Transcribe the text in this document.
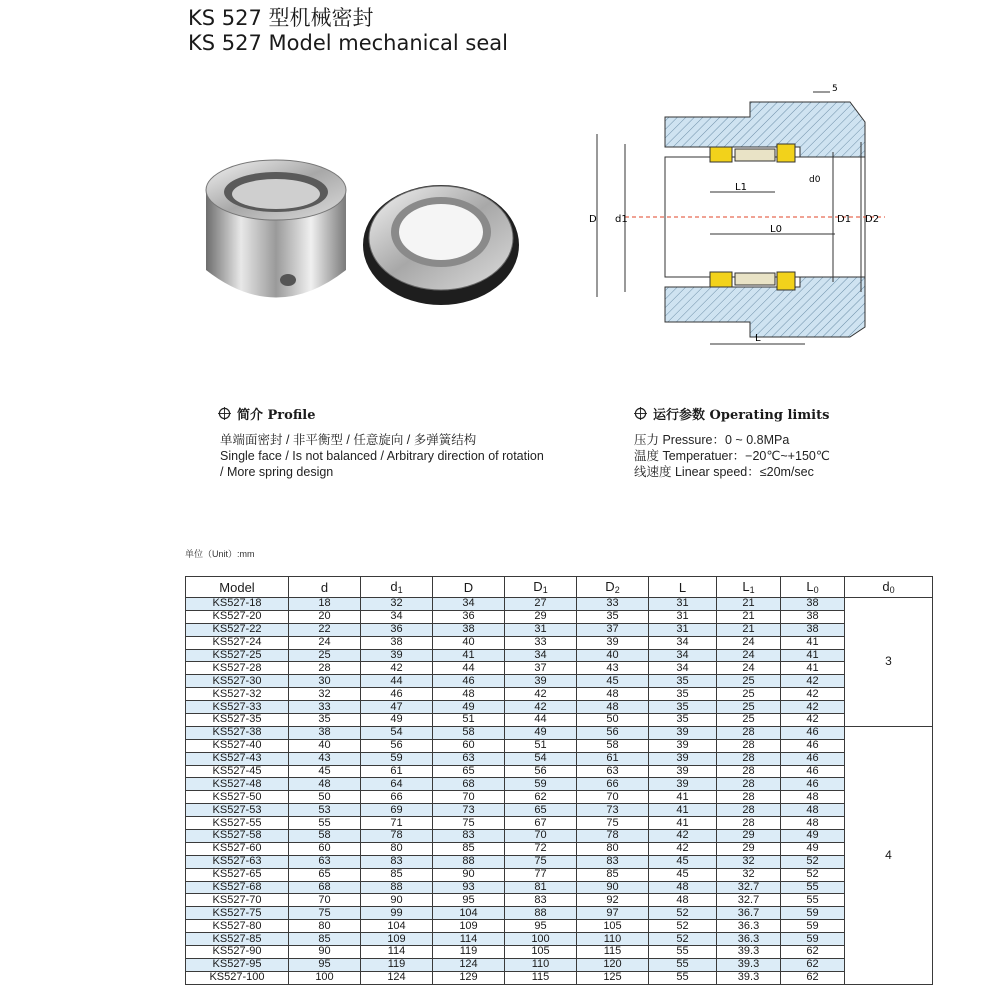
KS 527 型机械密封
KS 527 Model mechanical seal
D d1	D1 D2
L1
L0
L
d0
5
简介 Profile
单端面密封 / 非平衡型 / 任意旋向 / 多弹簧结构
Single face / Is not balanced / Arbitrary direction of rotation
/ More spring design
运行参数 Operating limits
压力 Pressure：0 ~ 0.8MPa
温度 Temperatuer：−20℃~+150℃
线速度 Linear speed：≤20m/sec
单位（Unit）:mm
Model	d	$d_1$	D	$D_1$	$D_2$	L	$L_1$	$L_0$	$d_0$
KS527-18	18	32	34	27	33	31	21	38	3
KS527-20	20	34	36	29	35	31	21	38	
KS527-22	22	36	38	31	37	31	21	38	
KS527-24	24	38	40	33	39	34	24	41	
KS527-25	25	39	41	34	40	34	24	41	
KS527-28	28	42	44	37	43	34	24	41	
KS527-30	30	44	46	39	45	35	25	42	
KS527-32	32	46	48	42	48	35	25	42	
KS527-33	33	47	49	42	48	35	25	42	
KS527-35	35	49	51	44	50	35	25	42	
KS527-38	38	54	58	49	56	39	28	46	4
KS527-40	40	56	60	51	58	39	28	46	
KS527-43	43	59	63	54	61	39	28	46	
KS527-45	45	61	65	56	63	39	28	46	
KS527-48	48	64	68	59	66	39	28	46	
KS527-50	50	66	70	62	70	41	28	48	
KS527-53	53	69	73	65	73	41	28	48	
KS527-55	55	71	75	67	75	41	28	48	
KS527-58	58	78	83	70	78	42	29	49	
KS527-60	60	80	85	72	80	42	29	49	
KS527-63	63	83	88	75	83	45	32	52	
KS527-65	65	85	90	77	85	45	32	52	
KS527-68	68	88	93	81	90	48	32.7	55	
KS527-70	70	90	95	83	92	48	32.7	55	
KS527-75	75	99	104	88	97	52	36.7	59	
KS527-80	80	104	109	95	105	52	36.3	59	
KS527-85	85	109	114	100	110	52	36.3	59	
KS527-90	90	114	119	105	115	55	39.3	62	
KS527-95	95	119	124	110	120	55	39.3	62	
KS527-100	100	124	129	115	125	55	39.3	62	
